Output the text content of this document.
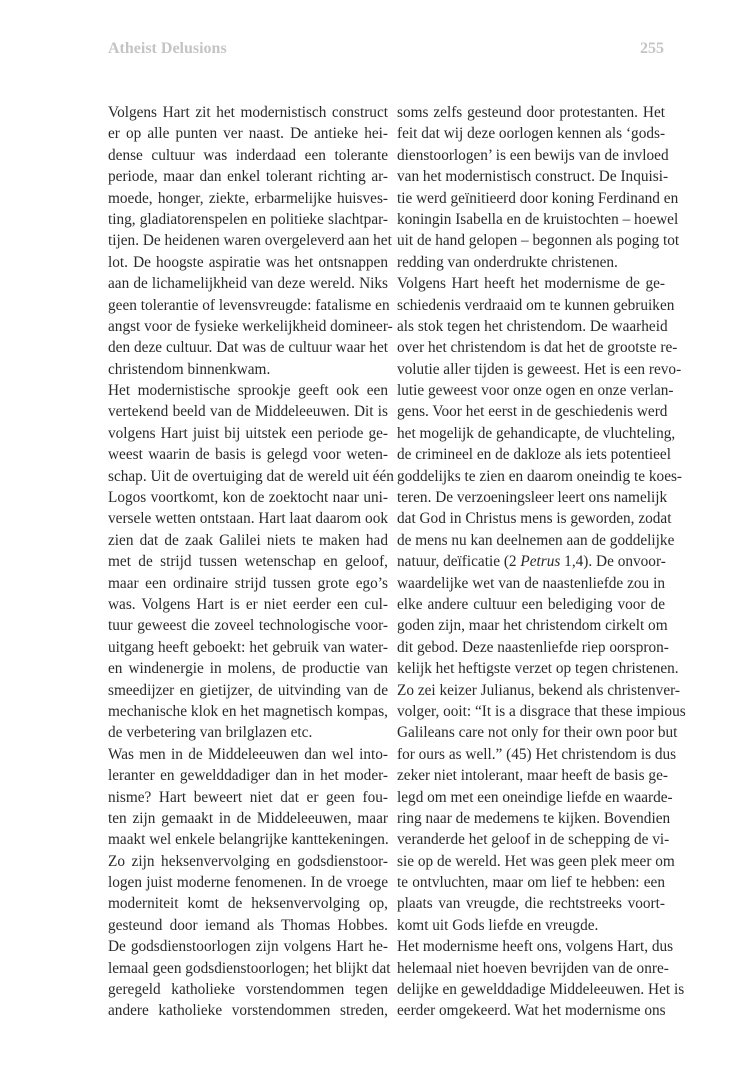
Atheist Delusions	255
Volgens Hart zit het modernistisch construct
er op alle punten ver naast. De antieke hei-
dense cultuur was inderdaad een tolerante
periode, maar dan enkel tolerant richting ar-
moede, honger, ziekte, erbarmelijke huisves-
ting, gladiatorenspelen en politieke slachtpar-
tijen. De heidenen waren overgeleverd aan het
lot. De hoogste aspiratie was het ontsnappen
aan de lichamelijkheid van deze wereld. Niks
geen tolerantie of levensvreugde: fatalisme en
angst voor de fysieke werkelijkheid domineer-
den deze cultuur. Dat was de cultuur waar het
christendom binnenkwam.
Het modernistische sprookje geeft ook een
vertekend beeld van de Middeleeuwen. Dit is
volgens Hart juist bij uitstek een periode ge-
weest waarin de basis is gelegd voor weten-
schap. Uit de overtuiging dat de wereld uit één
Logos voortkomt, kon de zoektocht naar uni-
versele wetten ontstaan. Hart laat daarom ook
zien dat de zaak Galilei niets te maken had
met de strijd tussen wetenschap en geloof,
maar een ordinaire strijd tussen grote ego’s
was. Volgens Hart is er niet eerder een cul-
tuur geweest die zoveel technologische voor-
uitgang heeft geboekt: het gebruik van water-
en windenergie in molens, de productie van
smeedijzer en gietijzer, de uitvinding van de
mechanische klok en het magnetisch kompas,
de verbetering van brilglazen etc.
Was men in de Middeleeuwen dan wel into-
leranter en gewelddadiger dan in het moder-
nisme? Hart beweert niet dat er geen fou-
ten zijn gemaakt in de Middeleeuwen, maar
maakt wel enkele belangrijke kanttekeningen.
Zo zijn heksenvervolging en godsdienstoor-
logen juist moderne fenomenen. In de vroege
moderniteit komt de heksenvervolging op,
gesteund door iemand als Thomas Hobbes.
De godsdienstoorlogen zijn volgens Hart he-
lemaal geen godsdienstoorlogen; het blijkt dat
geregeld katholieke vorstendommen tegen
andere katholieke vorstendommen streden,
soms zelfs gesteund door protestanten. Het
feit dat wij deze oorlogen kennen als ‘gods-
dienstoorlogen’ is een bewijs van de invloed
van het modernistisch construct. De Inquisi-
tie werd geïnitieerd door koning Ferdinand en
koningin Isabella en de kruistochten – hoewel
uit de hand gelopen – begonnen als poging tot
redding van onderdrukte christenen.
Volgens Hart heeft het modernisme de ge-
schiedenis verdraaid om te kunnen gebruiken
als stok tegen het christendom. De waarheid
over het christendom is dat het de grootste re-
volutie aller tijden is geweest. Het is een revo-
lutie geweest voor onze ogen en onze verlan-
gens. Voor het eerst in de geschiedenis werd
het mogelijk de gehandicapte, de vluchteling,
de crimineel en de dakloze als iets potentieel
goddelijks te zien en daarom oneindig te koes-
teren. De verzoeningsleer leert ons namelijk
dat God in Christus mens is geworden, zodat
de mens nu kan deelnemen aan de goddelijke
natuur, deïficatie (2 Petrus 1,4). De onvoor-
waardelijke wet van de naastenliefde zou in
elke andere cultuur een belediging voor de
goden zijn, maar het christendom cirkelt om
dit gebod. Deze naastenliefde riep oorspron-
kelijk het heftigste verzet op tegen christenen.
Zo zei keizer Julianus, bekend als christenver-
volger, ooit: “It is a disgrace that these impious
Galileans care not only for their own poor but
for ours as well.” (45) Het christendom is dus
zeker niet intolerant, maar heeft de basis ge-
legd om met een oneindige liefde en waarde-
ring naar de medemens te kijken. Bovendien
veranderde het geloof in de schepping de vi-
sie op de wereld. Het was geen plek meer om
te ontvluchten, maar om lief te hebben: een
plaats van vreugde, die rechtstreeks voort-
komt uit Gods liefde en vreugde.
Het modernisme heeft ons, volgens Hart, dus
helemaal niet hoeven bevrijden van de onre-
delijke en gewelddadige Middeleeuwen. Het is
eerder omgekeerd. Wat het modernisme ons
